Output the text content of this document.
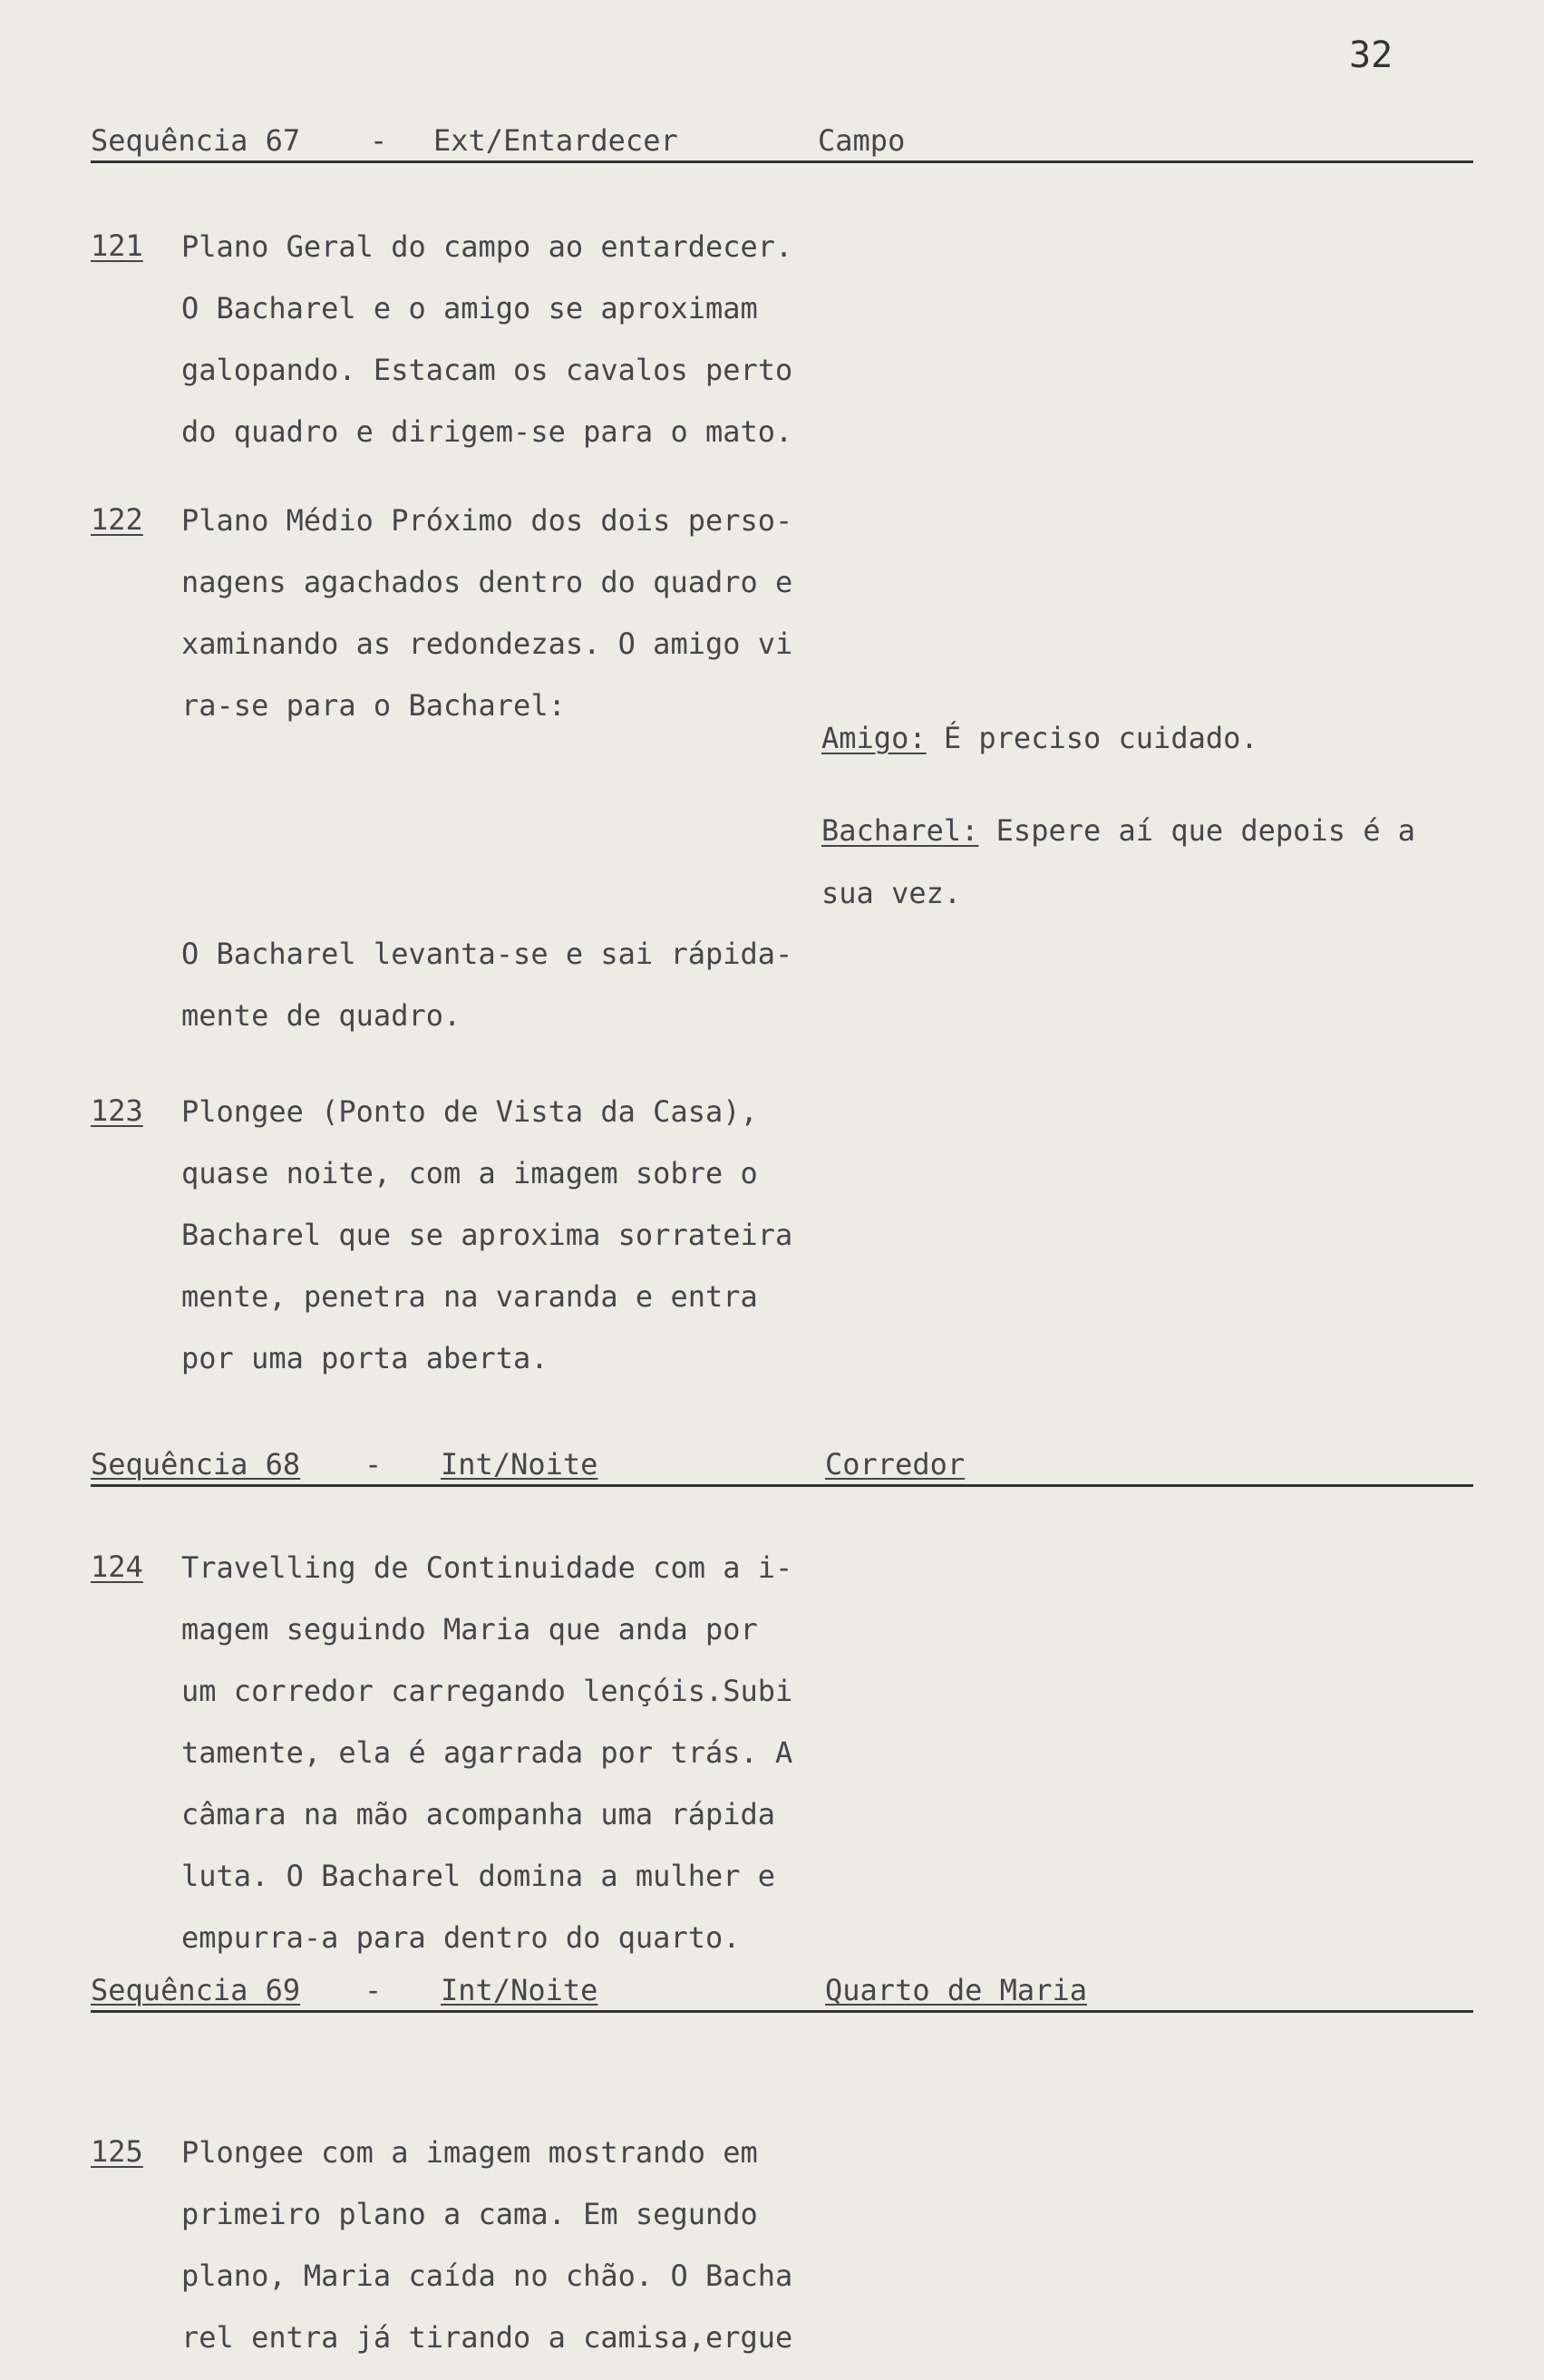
32
Sequência 67 - Ext/Entardecer	Campo
121 Plano Geral do campo ao entardecer.
O Bacharel e o amigo se aproximam
galopando. Estacam os cavalos perto
do quadro e dirigem-se para o mato.
122 Plano Médio Próximo dos dois perso-
nagens agachados dentro do quadro e
xaminando as redondezas. O amigo vi
ra-se para o Bacharel:
Amigo: É preciso cuidado.
Bacharel: Espere aí que depois é a
sua vez.
O Bacharel levanta-se e sai rápida-
mente de quadro.
123 Plongee (Ponto de Vista da Casa),
quase noite, com a imagem sobre o
Bacharel que se aproxima sorrateira
mente, penetra na varanda e entra
por uma porta aberta.
Sequência 68 - Int/Noite	Corredor
124 Travelling de Continuidade com a i-
magem seguindo Maria que anda por
um corredor carregando lençóis.Subi
tamente, ela é agarrada por trás. A
câmara na mão acompanha uma rápida
luta. O Bacharel domina a mulher e
empurra-a para dentro do quarto.
Sequência 69 - Int/Noite	Quarto de Maria
125 Plongee com a imagem mostrando em
primeiro plano a cama. Em segundo
plano, Maria caída no chão. O Bacha
rel entra já tirando a camisa,ergue
